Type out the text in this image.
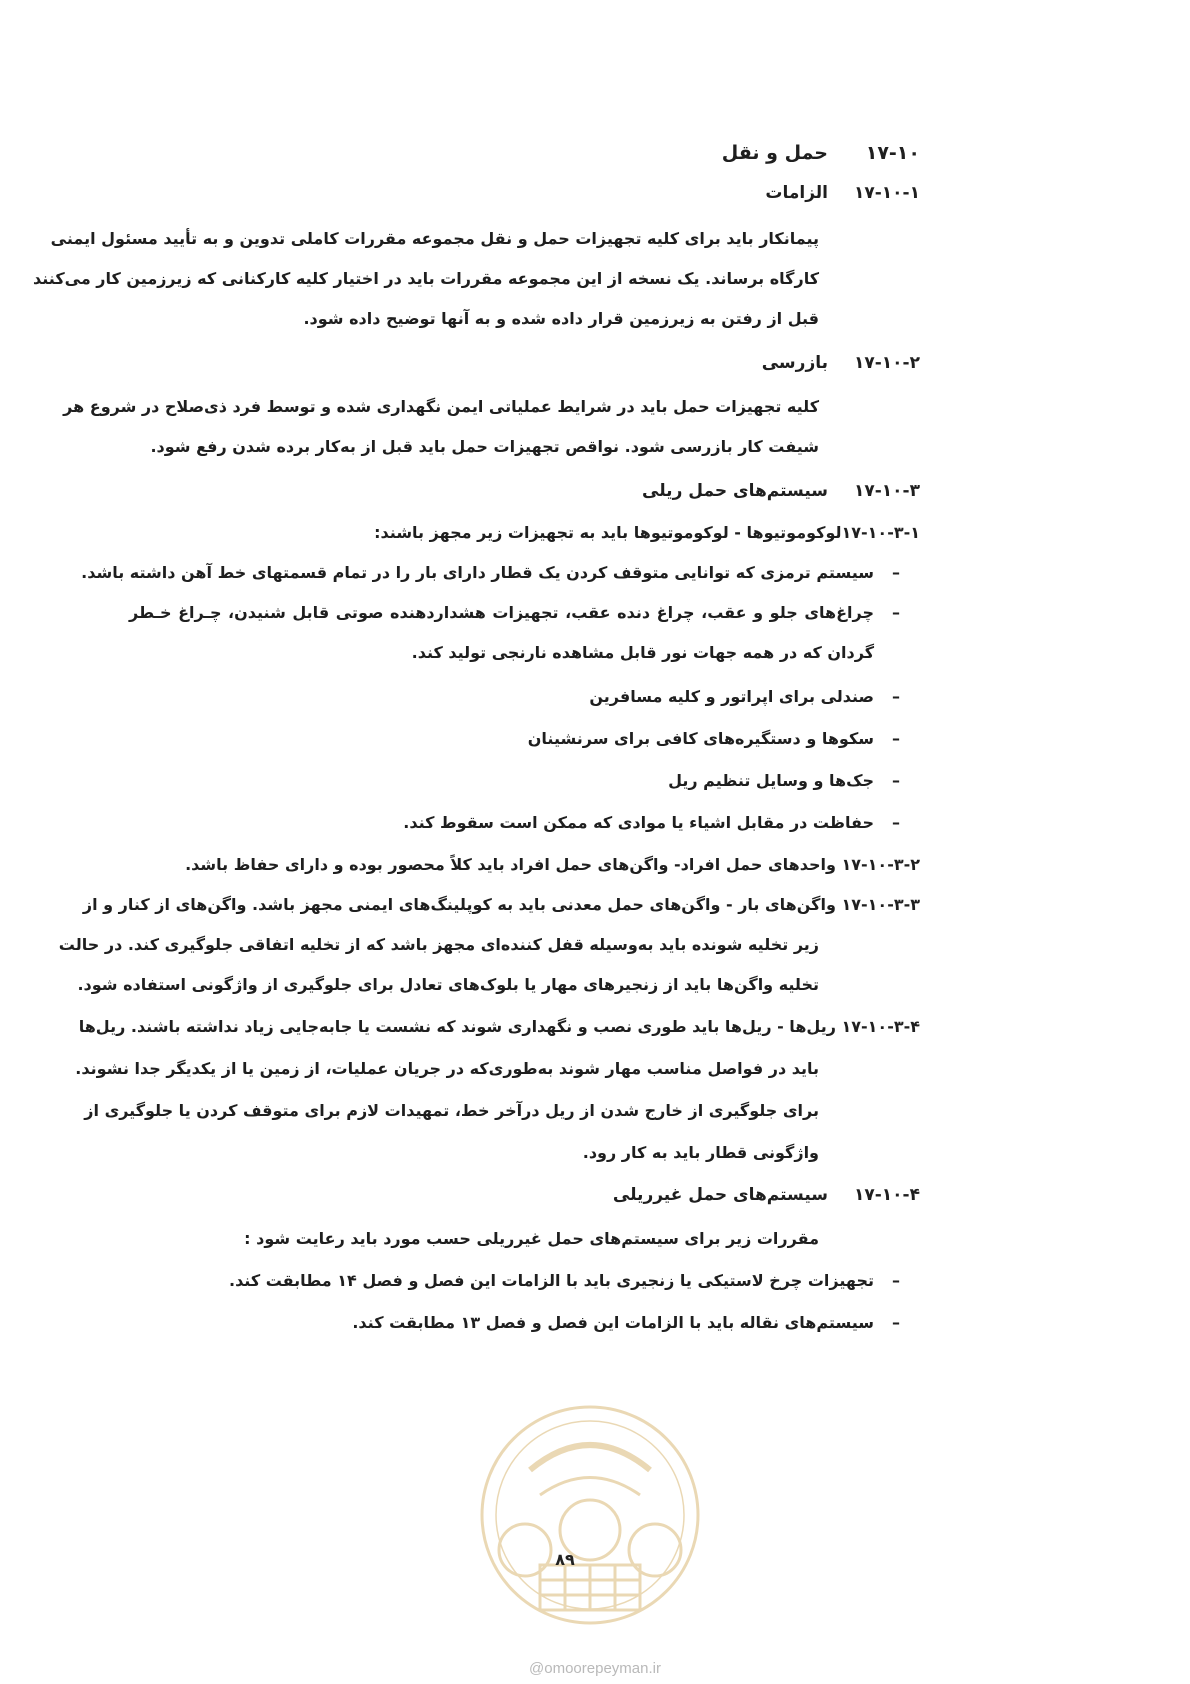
۱۷-۱۰حمل و نقل
۱۷-۱۰-۱الزامات
پیمانکار باید برای کلیه تجهیزات حمل و نقل مجموعه مقررات کاملی تدوین و به تأیید مسئول ایمنی
کارگاه برساند. یک نسخه از این مجموعه مقررات باید در اختیار کلیه کارکنانی که زیرزمین کار می‌کنند
قبل از رفتن به زیرزمین قرار داده شده و به آنها توضیح داده شود.
۱۷-۱۰-۲بازرسی
کلیه تجهیزات حمل باید در شرایط عملیاتی ایمن نگهداری شده و توسط فرد ذی‌صلاح در شروع هر
شیفت کار بازرسی شود. نواقص تجهیزات حمل باید قبل از به‌کار برده شدن رفع شود.
۱۷-۱۰-۳سیستم‌های حمل ریلی
۱۷-۱۰-۳-۱لوکوموتیوها - لوکوموتیوها باید به تجهیزات زیر مجهز باشند:
–سیستم ترمزی که توانایی متوقف کردن یک قطار دارای بار را در تمام قسمتهای خط آهن داشته باشد.
–چراغ‌های جلو و عقب، چراغ دنده عقب، تجهیزات هشداردهنده صوتی قابل شنیدن، چـراغ خـطر
گردان که در همه جهات نور قابل مشاهده نارنجی تولید کند.
–صندلی برای اپراتور و کلیه مسافرین
–سکوها و دستگیره‌های کافی برای سرنشینان
–جک‌ها و وسایل تنظیم ریل
–حفاظت در مقابل اشیاء یا موادی که ممکن است سقوط کند.
۱۷-۱۰-۳-۲ واحدهای حمل افراد- واگن‌های حمل افراد باید کلاً محصور بوده و دارای حفاظ باشد.
۱۷-۱۰-۳-۳ واگن‌های بار - واگن‌های حمل معدنی باید به کوپلینگ‌های ایمنی مجهز باشد. واگن‌های از کنار و از
زیر تخلیه شونده باید به‌وسیله قفل کننده‌ای مجهز باشد که از تخلیه اتفاقی جلوگیری کند. در حالت
تخلیه واگن‌ها باید از زنجیرهای مهار یا بلوک‌های تعادل برای جلوگیری از واژگونی استفاده شود.
۱۷-۱۰-۳-۴ ریل‌ها - ریل‌ها باید طوری نصب و نگهداری شوند که نشست یا جابه‌جایی زیاد نداشته باشند. ریل‌ها
باید در فواصل مناسب مهار شوند به‌طوری‌که در جریان عملیات، از زمین یا از یکدیگر جدا نشوند.
برای جلوگیری از خارج شدن از ریل درآخر خط، تمهیدات لازم برای متوقف کردن یا جلوگیری از
واژگونی قطار باید به کار رود.
۱۷-۱۰-۴سیستم‌های حمل غیرریلی
مقررات زیر برای سیستم‌های حمل غیرریلی حسب مورد باید رعایت شود :
–تجهیزات چرخ لاستیکی یا زنجیری باید با الزامات این فصل و فصل ۱۴ مطابقت کند.
–سیستم‌های نقاله باید با الزامات این فصل و فصل ۱۳ مطابقت کند.
۸۹
@omoorepeyman.ir
